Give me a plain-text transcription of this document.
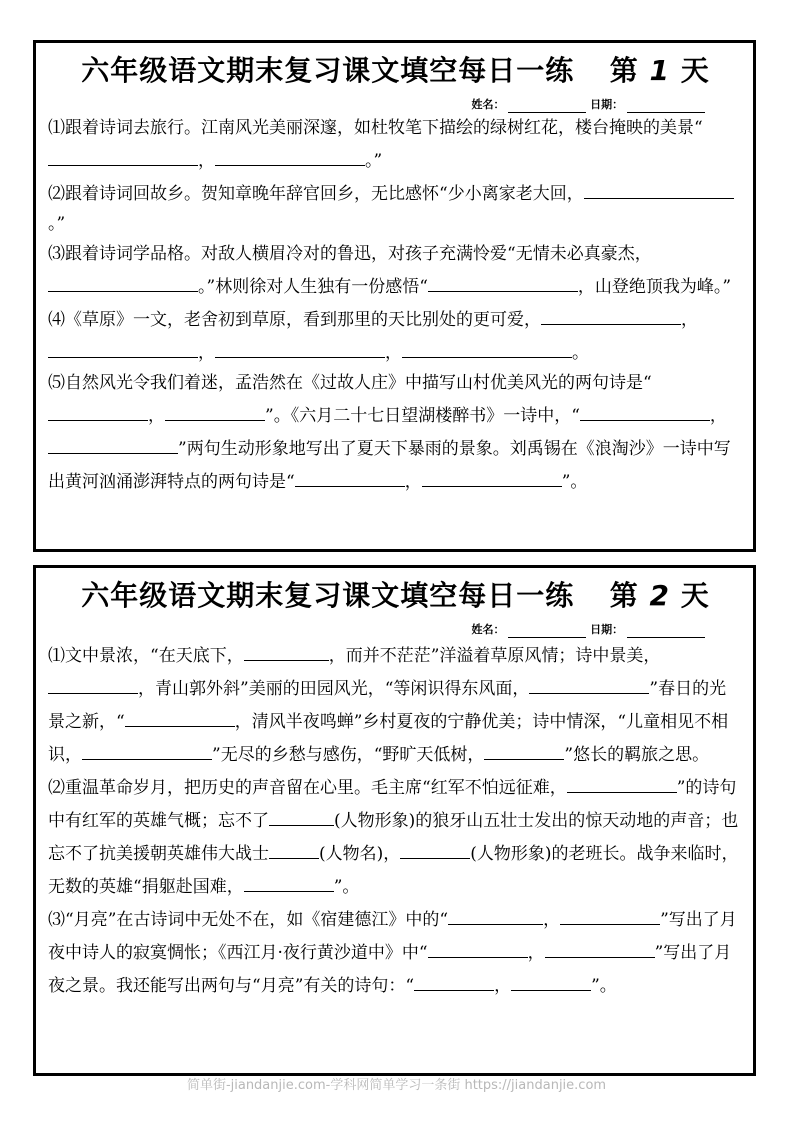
六年级语文期末复习课文填空每日一练 第 1 天
姓名：	日期：
⑴跟着诗词去旅行。江南风光美丽深邃，如杜牧笔下描绘的绿树红花，楼台掩映的美景“，	。”
⑵跟着诗词回故乡。贺知章晚年辞官回乡，无比感怀“少小离家老大回，。”
⑶跟着诗词学品格。对敌人横眉冷对的鲁迅，对孩子充满怜爱“无情未必真豪杰，。”林则徐对人生独有一份感悟“	，山登绝顶我为峰。”
⑷《草原》一文，老舍初到草原，看到那里的天比别处的更可爱，	，，	，	。
⑸自然风光令我们着迷，孟浩然在《过故人庄》中描写山村优美风光的两句诗是“，	”。《六月二十七日望湖楼醉书》一诗中，“	，”两句生动形象地写出了夏天下暴雨的景象。刘禹锡在《浪淘沙》一诗中写出黄河汹涌澎湃特点的两句诗是“	，	”。
六年级语文期末复习课文填空每日一练 第 2 天
姓名：	日期：
⑴文中景浓，“在天底下，	，而并不茫茫”洋溢着草原风情；诗中景美，，青山郭外斜”美丽的田园风光，“等闲识得东风面，	”春日的光景之新，“	，清风半夜鸣蝉”乡村夏夜的宁静优美；诗中情深，“儿童相见不相识，	”无尽的乡愁与感伤，“野旷天低树，	”悠长的羁旅之思。
⑵重温革命岁月，把历史的声音留在心里。毛主席“红军不怕远征难，	”的诗句中有红军的英雄气概；忘不了	(人物形象)的狼牙山五壮士发出的惊天动地的声音；也忘不了抗美援朝英雄伟大战士	(人物名)，	(人物形象)的老班长。战争来临时，无数的英雄“捐躯赴国难，	”。
⑶“月亮”在古诗词中无处不在，如《宿建德江》中的“	，	”写出了月夜中诗人的寂寞惆怅；《西江月·夜行黄沙道中》中“	，	”写出了月夜之景。我还能写出两句与“月亮”有关的诗句：“	，	”。
简单街-jiandanjie.com-学科网简单学习一条街 https://jiandanjie.com
